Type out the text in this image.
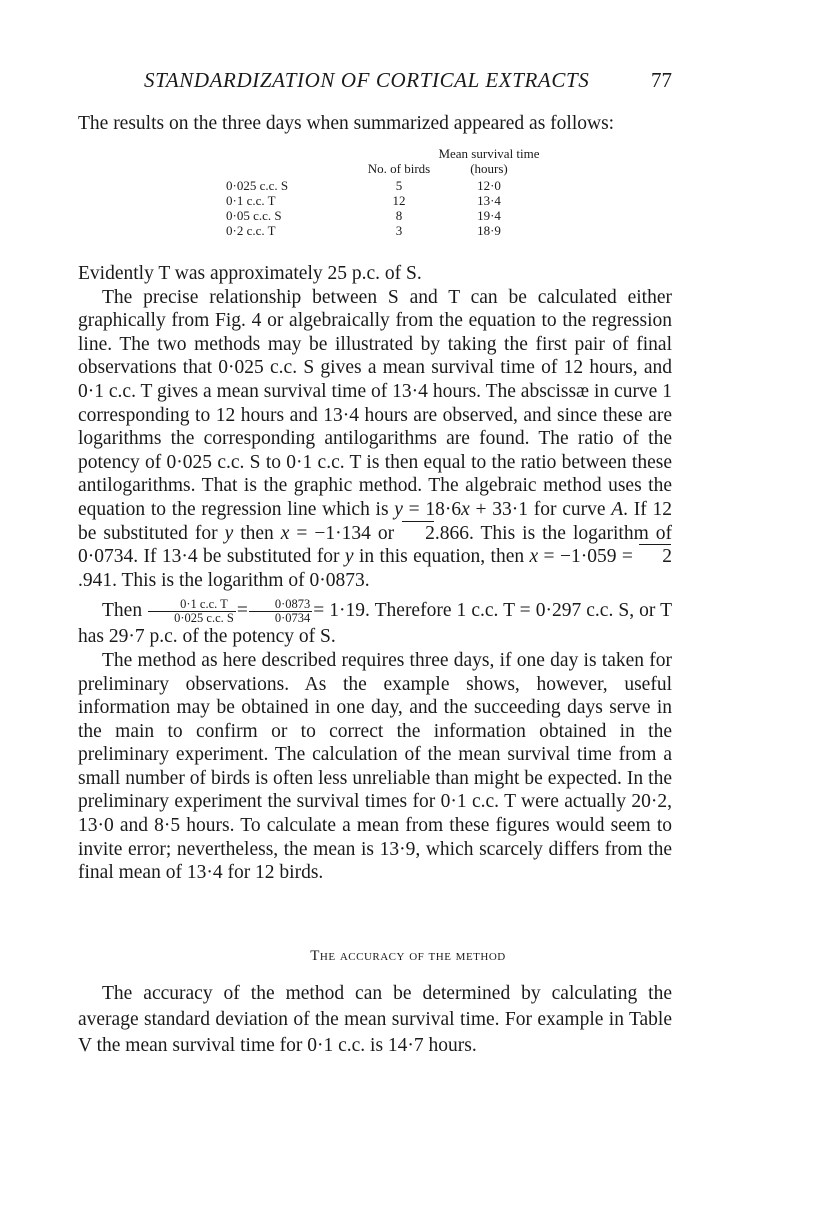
STANDARDIZATION OF CORTICAL EXTRACTS	77
The results on the three days when summarized appeared as follows:
	No. of birds	Mean survival time (hours)
0·025 c.c. S	5	12·0
0·1 c.c. T	12	13·4
0·05 c.c. S	8	19·4
0·2 c.c. T	3	18·9

Evidently T was approximately 25 p.c. of S.

The precise relationship between S and T can be calculated either graphically from Fig. 4 or algebraically from the equation to the regression line. The two methods may be illustrated by taking the first pair of final observations that 0·025 c.c. S gives a mean survival time of 12 hours, and 0·1 c.c. T gives a mean survival time of 13·4 hours. The abscissæ in curve 1 corresponding to 12 hours and 13·4 hours are observed, and since these are logarithms the corresponding antilogarithms are found. The ratio of the potency of 0·025 c.c. S to 0·1 c.c. T is then equal to the ratio between these antilogarithms. That is the graphic method. The algebraic method uses the equation to the regression line which is y = 18·6x + 33·1 for curve A. If 12 be substituted for y then x = −1·134 or 2.866. This is the logarithm of 0·0734. If 13·4 be substituted for y in this equation, then x = −1·059 = 2.941. This is the logarithm of 0·0873.

Then $\frac{0\cdot 1 c.c. T}{0\cdot 025 c.c. S} = \frac{0\cdot 0873}{0\cdot 0734} = 1\cdot 19$. Therefore 1 c.c. T = 0·297 c.c. S, or T has 29·7 p.c. of the potency of S.

The method as here described requires three days, if one day is taken for preliminary observations. As the example shows, however, useful information may be obtained in one day, and the succeeding days serve in the main to confirm or to correct the information obtained in the preliminary experiment. The calculation of the mean survival time from a small number of birds is often less unreliable than might be expected. In the preliminary experiment the survival times for 0·1 c.c. T were actually 20·2, 13·0 and 8·5 hours. To calculate a mean from these figures would seem to invite error; nevertheless, the mean is 13·9, which scarcely differs from the final mean of 13·4 for 12 birds.

The accuracy of the method

The accuracy of the method can be determined by calculating the average standard deviation of the mean survival time. For example in Table V the mean survival time for 0·1 c.c. is 14·7 hours.
